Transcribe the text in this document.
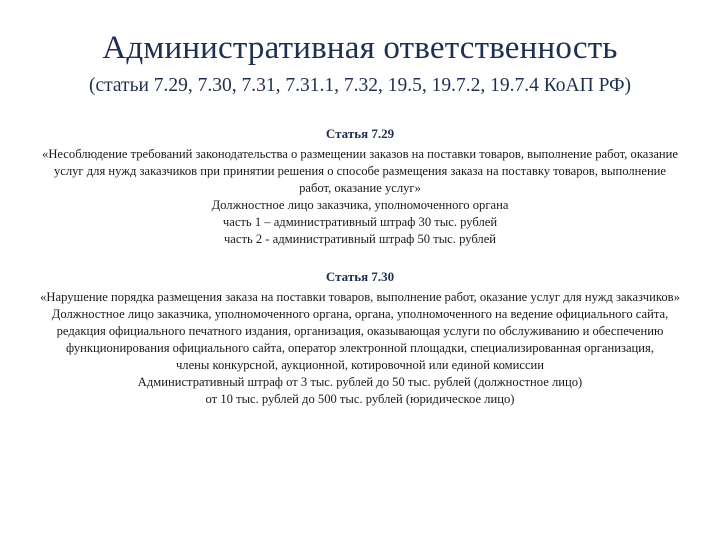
Административная ответственность
(статьи 7.29, 7.30, 7.31, 7.31.1, 7.32, 19.5, 19.7.2, 19.7.4 КоАП РФ)
Статья 7.29
«Несоблюдение требований законодательства о размещении заказов на поставки товаров, выполнение работ, оказание услуг для нужд заказчиков при принятии решения о способе размещения заказа на поставку товаров, выполнение работ, оказание услуг»
Должностное лицо заказчика, уполномоченного органа
часть 1 – административный штраф 30 тыс. рублей
часть 2 - административный штраф 50 тыс. рублей
Статья 7.30
«Нарушение порядка размещения заказа на поставки товаров, выполнение работ, оказание услуг для нужд заказчиков»
Должностное лицо заказчика, уполномоченного органа, органа, уполномоченного на ведение официального сайта, редакция официального печатного издания, организация, оказывающая услуги по обслуживанию и обеспечению функционирования официального сайта, оператор электронной площадки, специализированная организация, члены конкурсной, аукционной, котировочной или единой комиссии
Административный штраф от 3 тыс. рублей до 50 тыс. рублей (должностное лицо)
от 10 тыс. рублей до 500 тыс. рублей (юридическое лицо)
